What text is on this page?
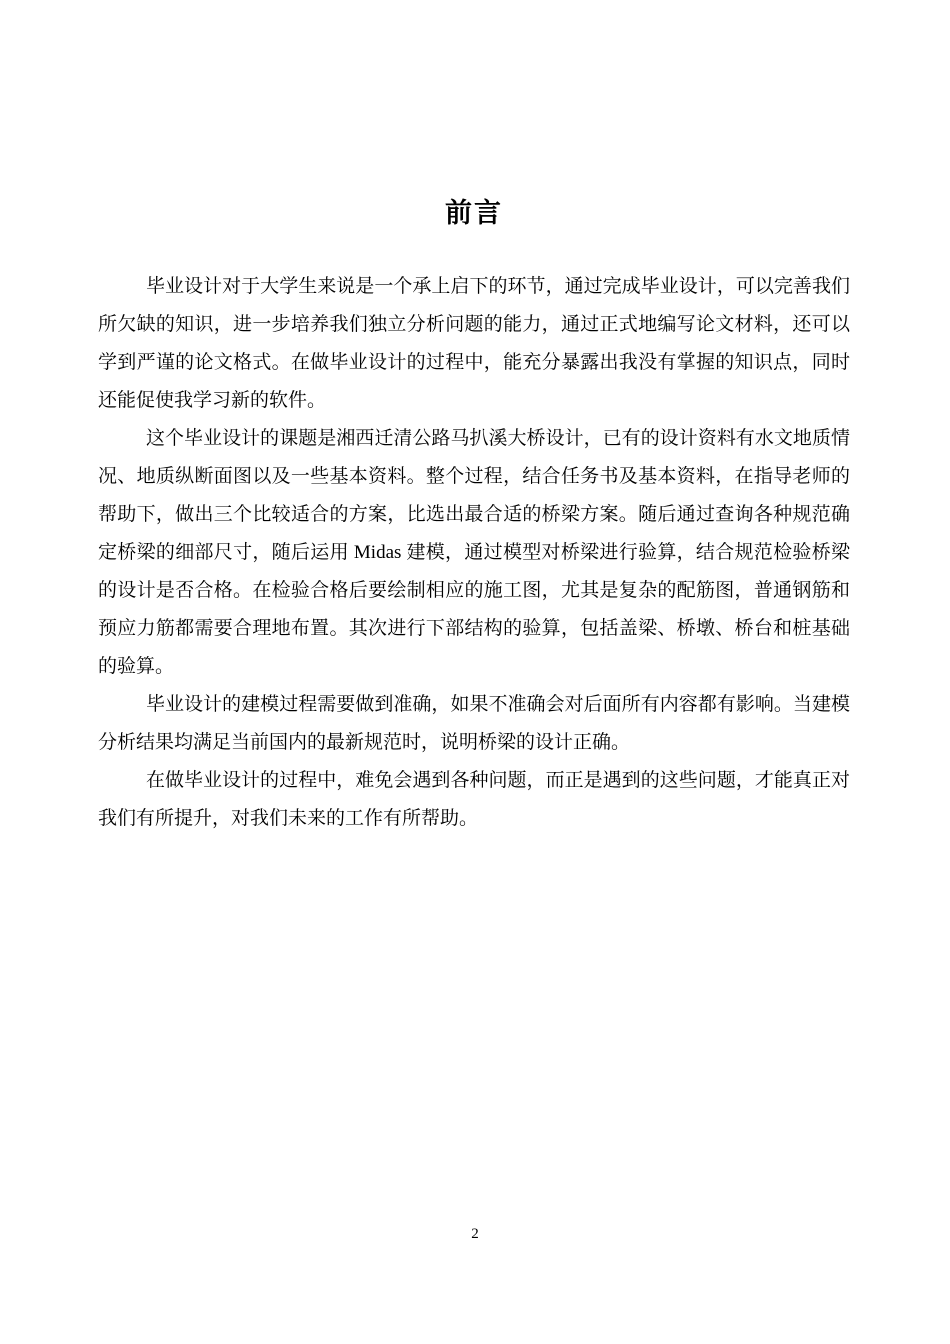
前言

毕业设计对于大学生来说是一个承上启下的环节，通过完成毕业设计，可以完善我们所欠缺的知识，进一步培养我们独立分析问题的能力，通过正式地编写论文材料，还可以学到严谨的论文格式。在做毕业设计的过程中，能充分暴露出我没有掌握的知识点，同时还能促使我学习新的软件。

这个毕业设计的课题是湘西迁清公路马扒溪大桥设计，已有的设计资料有水文地质情况、地质纵断面图以及一些基本资料。整个过程，结合任务书及基本资料，在指导老师的帮助下，做出三个比较适合的方案，比选出最合适的桥梁方案。随后通过查询各种规范确定桥梁的细部尺寸，随后运用 Midas 建模，通过模型对桥梁进行验算，结合规范检验桥梁的设计是否合格。在检验合格后要绘制相应的施工图，尤其是复杂的配筋图，普通钢筋和预应力筋都需要合理地布置。其次进行下部结构的验算，包括盖梁、桥墩、桥台和桩基础的验算。

毕业设计的建模过程需要做到准确，如果不准确会对后面所有内容都有影响。当建模分析结果均满足当前国内的最新规范时，说明桥梁的设计正确。

在做毕业设计的过程中，难免会遇到各种问题，而正是遇到的这些问题，才能真正对我们有所提升，对我们未来的工作有所帮助。

2
